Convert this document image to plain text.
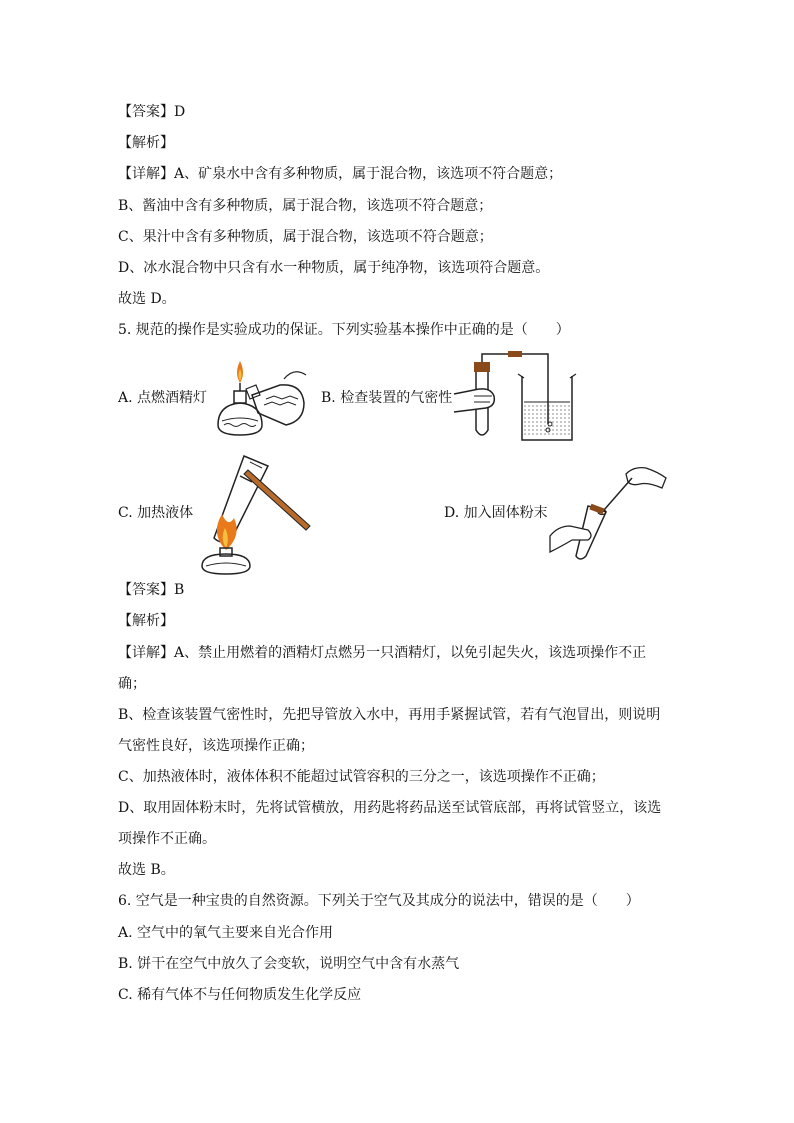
【答案】D
【解析】
【详解】A、矿泉水中含有多种物质，属于混合物，该选项不符合题意；
B、酱油中含有多种物质，属于混合物，该选项不符合题意；
C、果汁中含有多种物质，属于混合物，该选项不符合题意；
D、冰水混合物中只含有水一种物质，属于纯净物，该选项符合题意。
故选 D。
5. 规范的操作是实验成功的保证。下列实验基本操作中正确的是（　　）
A. 点燃酒精灯	B. 检查装置的气密性
C. 加热液体	D. 加入固体粉末
【答案】B
【解析】
【详解】A、禁止用燃着的酒精灯点燃另一只酒精灯，以免引起失火，该选项操作不正
确；
B、检查该装置气密性时，先把导管放入水中，再用手紧握试管，若有气泡冒出，则说明
气密性良好，该选项操作正确；
C、加热液体时，液体体积不能超过试管容积的三分之一，该选项操作不正确；
D、取用固体粉末时，先将试管横放，用药匙将药品送至试管底部，再将试管竖立，该选
项操作不正确。
故选 B。
6. 空气是一种宝贵的自然资源。下列关于空气及其成分的说法中，错误的是（　　）
A. 空气中的氧气主要来自光合作用
B. 饼干在空气中放久了会变软，说明空气中含有水蒸气
C. 稀有气体不与任何物质发生化学反应
